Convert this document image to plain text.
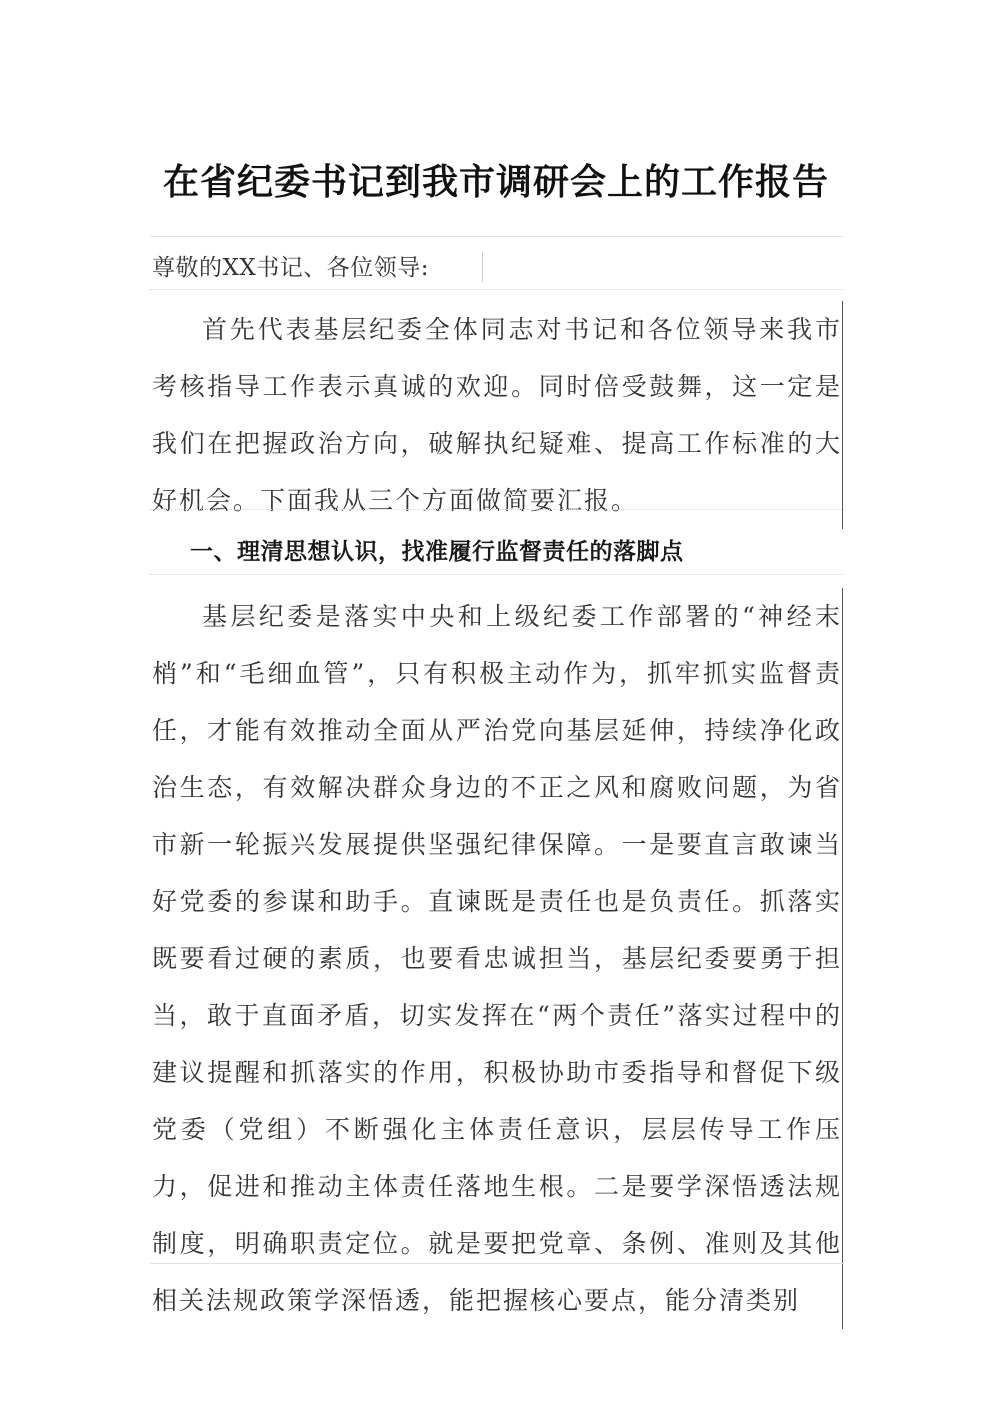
在省纪委书记到我市调研会上的工作报告
尊敬的XX书记、各位领导:

首先代表基层纪委全体同志对书记和各位领导来我市考核指导工作表示真诚的欢迎。同时倍受鼓舞，这一定是我们在把握政治方向，破解执纪疑难、提高工作标准的大好机会。下面我从三个方面做简要汇报。

一、理清思想认识，找准履行监督责任的落脚点

基层纪委是落实中央和上级纪委工作部署的“神经末梢”和“毛细血管”，只有积极主动作为，抓牢抓实监督责任，才能有效推动全面从严治党向基层延伸，持续净化政治生态，有效解决群众身边的不正之风和腐败问题，为省市新一轮振兴发展提供坚强纪律保障。一是要直言敢谏当好党委的参谋和助手。直谏既是责任也是负责任。抓落实既要看过硬的素质，也要看忠诚担当，基层纪委要勇于担当，敢于直面矛盾，切实发挥在“两个责任”落实过程中的建议提醒和抓落实的作用，积极协助市委指导和督促下级党委（党组）不断强化主体责任意识，层层传导工作压力，促进和推动主体责任落地生根。二是要学深悟透法规制度，明确职责定位。就是要把党章、条例、准则及其他相关法规政策学深悟透，能把握核心要点，能分清类别
